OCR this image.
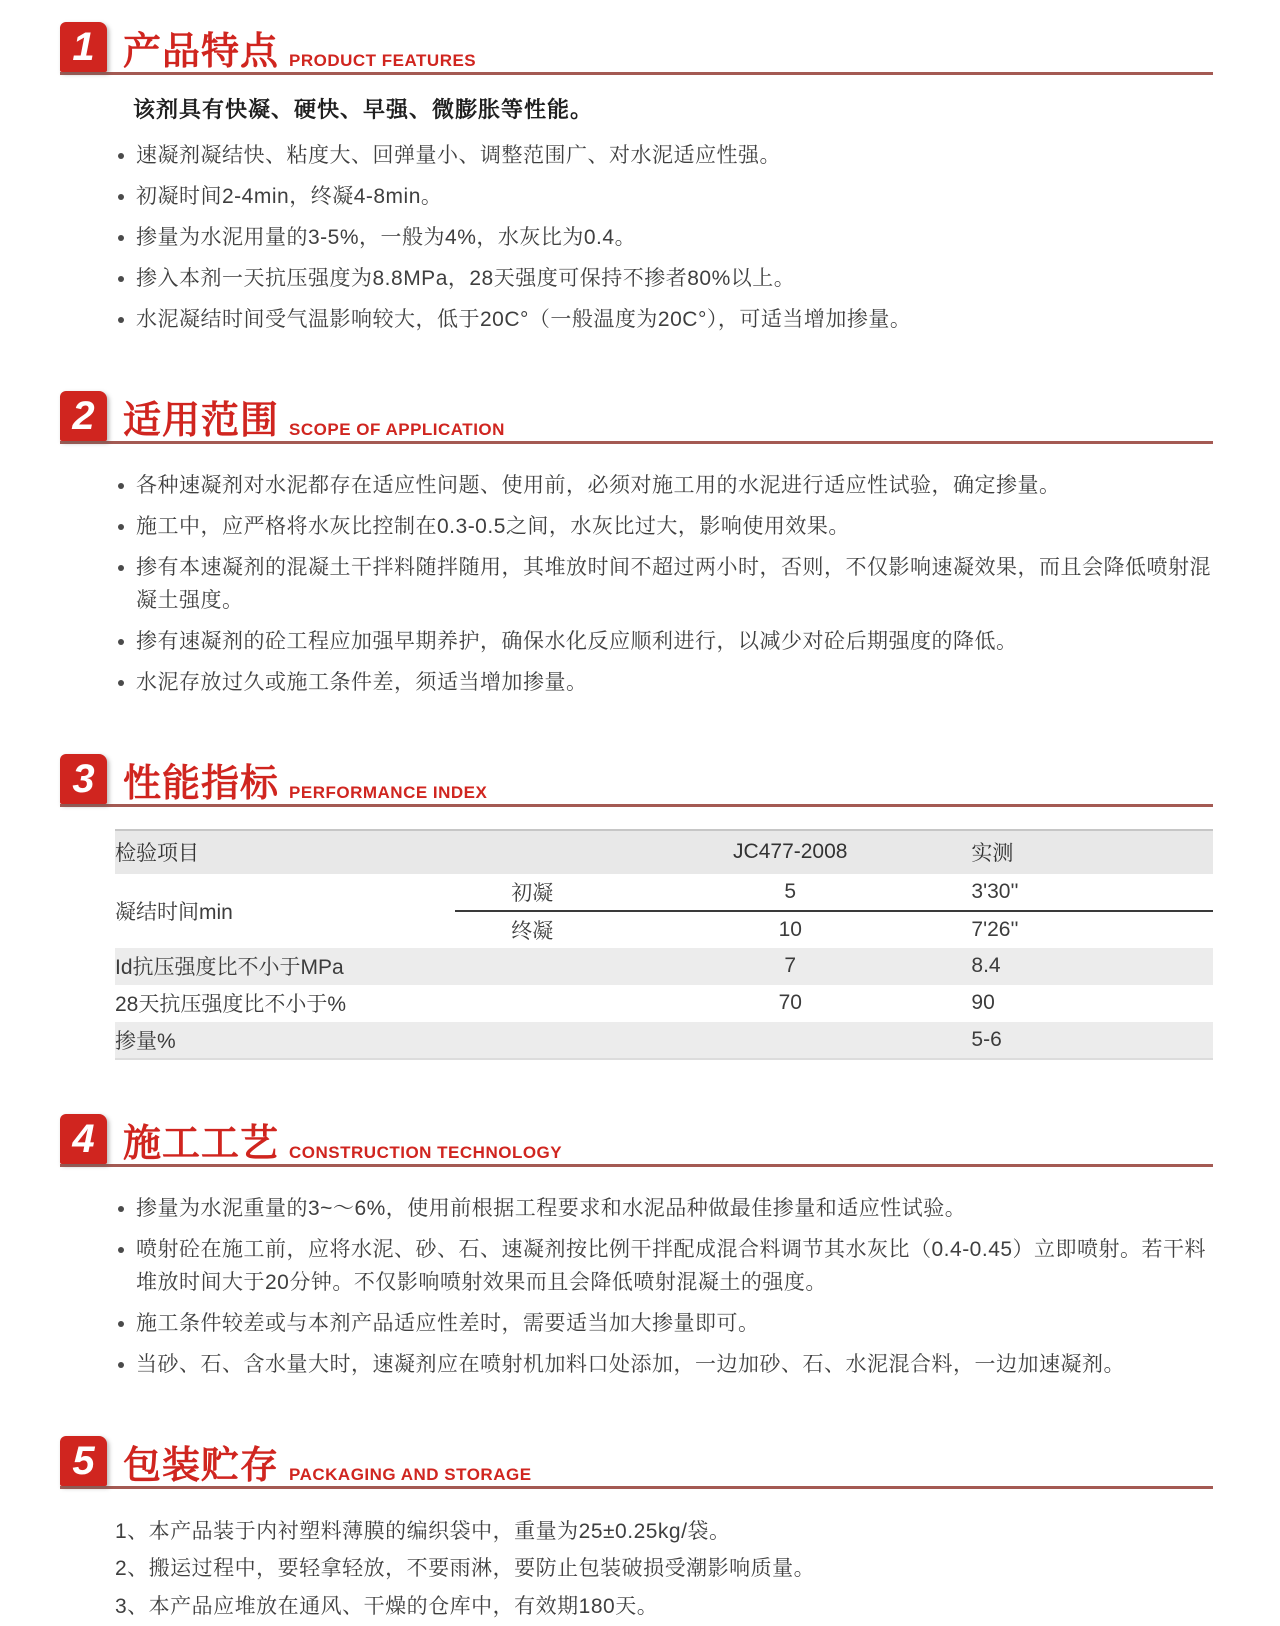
1 产品特点 PRODUCT FEATURES
该剂具有快凝、硬快、早强、微膨胀等性能。
速凝剂凝结快、粘度大、回弹量小、调整范围广、对水泥适应性强。
初凝时间2-4min，终凝4-8min。
掺量为水泥用量的3-5%，一般为4%，水灰比为0.4。
掺入本剂一天抗压强度为8.8MPa，28天强度可保持不掺者80%以上。
水泥凝结时间受气温影响较大，低于20C°（一般温度为20C°），可适当增加掺量。
2 适用范围 SCOPE OF APPLICATION
各种速凝剂对水泥都存在适应性问题、使用前，必须对施工用的水泥进行适应性试验，确定掺量。
施工中，应严格将水灰比控制在0.3-0.5之间，水灰比过大，影响使用效果。
掺有本速凝剂的混凝土干拌料随拌随用，其堆放时间不超过两小时，否则，不仅影响速凝效果，而且会降低喷射混凝土强度。
掺有速凝剂的砼工程应加强早期养护，确保水化反应顺利进行，以减少对砼后期强度的降低。
水泥存放过久或施工条件差，须适当增加掺量。
3 性能指标 PERFORMANCE INDEX
检验项目		JC477-2008	实测
凝结时间min	初凝	5	3'30''
	终凝	10	7'26''
Id抗压强度比不小于MPa		7	8.4
28天抗压强度比不小于%		70	90
掺量%			5-6
4 施工工艺 CONSTRUCTION TECHNOLOGY
掺量为水泥重量的3~～6%，使用前根据工程要求和水泥品种做最佳掺量和适应性试验。
喷射砼在施工前，应将水泥、砂、石、速凝剂按比例干拌配成混合料调节其水灰比（0.4-0.45）立即喷射。若干料堆放时间大于20分钟。不仅影响喷射效果而且会降低喷射混凝土的强度。
施工条件较差或与本剂产品适应性差时，需要适当加大掺量即可。
当砂、石、含水量大时，速凝剂应在喷射机加料口处添加，一边加砂、石、水泥混合料，一边加速凝剂。
5 包装贮存 PACKAGING AND STORAGE

1、本产品装于内衬塑料薄膜的编织袋中，重量为25±0.25kg/袋。

2、搬运过程中，要轻拿轻放，不要雨淋，要防止包装破损受潮影响质量。

3、本产品应堆放在通风、干燥的仓库中，有效期180天。
